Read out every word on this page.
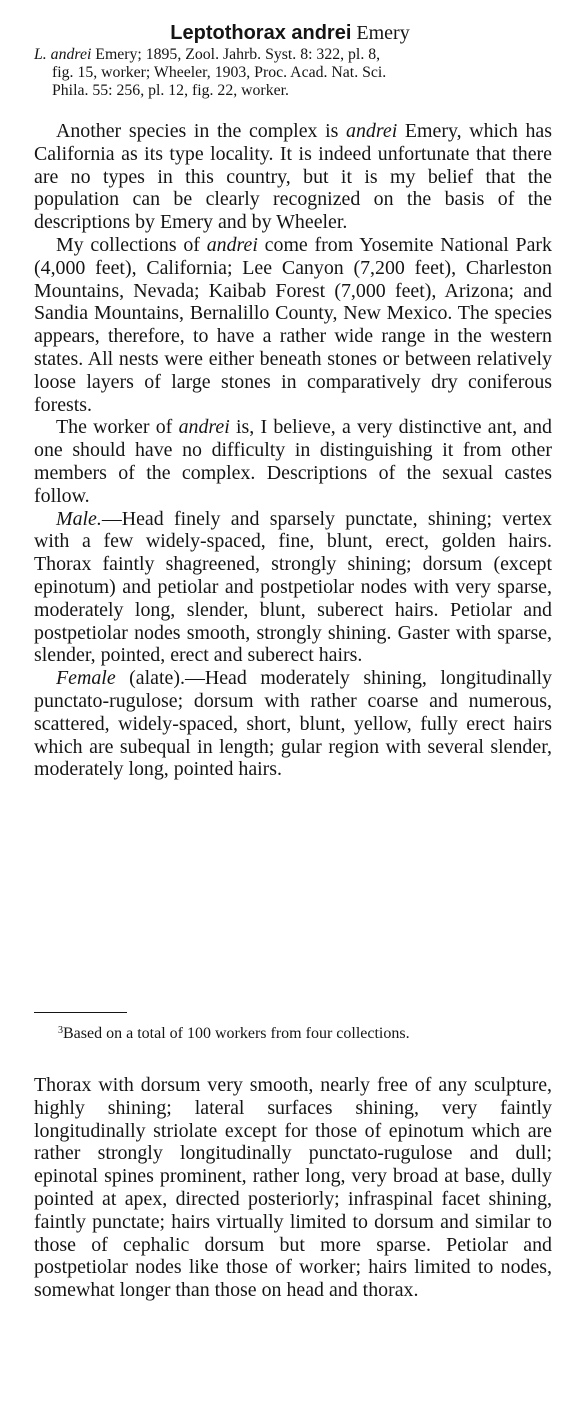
Leptothorax andrei Emery
L. andrei Emery; 1895, Zool. Jahrb. Syst. 8: 322, pl. 8,
fig. 15, worker; Wheeler, 1903, Proc. Acad. Nat. Sci.
Phila. 55: 256, pl. 12, fig. 22, worker.

Another species in the complex is andrei Emery, which has California as its type locality. It is indeed unfortunate that there are no types in this country, but it is my belief that the population can be clearly recognized on the basis of the descriptions by Emery and by Wheeler.

My collections of andrei come from Yosemite National Park (4,000 feet), California; Lee Canyon (7,200 feet), Charleston Mountains, Nevada; Kaibab Forest (7,000 feet), Arizona; and Sandia Mountains, Bernalillo County, New Mexico. The species appears, therefore, to have a rather wide range in the western states. All nests were either beneath stones or between relatively loose layers of large stones in comparatively dry coniferous forests.

The worker of andrei is, I believe, a very distinctive ant, and one should have no difficulty in distinguishing it from other members of the complex. Descriptions of the sexual castes follow.

Male.—Head finely and sparsely punctate, shining; vertex with a few widely-spaced, fine, blunt, erect, golden hairs. Thorax faintly shagreened, strongly shining; dorsum (except epinotum) and petiolar and postpetiolar nodes with very sparse, moderately long, slender, blunt, suberect hairs. Petiolar and postpetiolar nodes smooth, strongly shining. Gaster with sparse, slender, pointed, erect and suberect hairs.

Female (alate).—Head moderately shining, longitudinally punctato-rugulose; dorsum with rather coarse and numerous, scattered, widely-spaced, short, blunt, yellow, fully erect hairs which are subequal in length; gular region with several slender, moderately long, pointed hairs.

$^3$Based on a total of 100 workers from four collections.

Thorax with dorsum very smooth, nearly free of any sculpture, highly shining; lateral surfaces shining, very faintly longitudinally striolate except for those of epinotum which are rather strongly longitudinally punctato-rugulose and dull; epinotal spines prominent, rather long, very broad at base, dully pointed at apex, directed posteriorly; infraspinal facet shining, faintly punctate; hairs virtually limited to dorsum and similar to those of cephalic dorsum but more sparse. Petiolar and postpetiolar nodes like those of worker; hairs limited to nodes, somewhat longer than those on head and thorax.
